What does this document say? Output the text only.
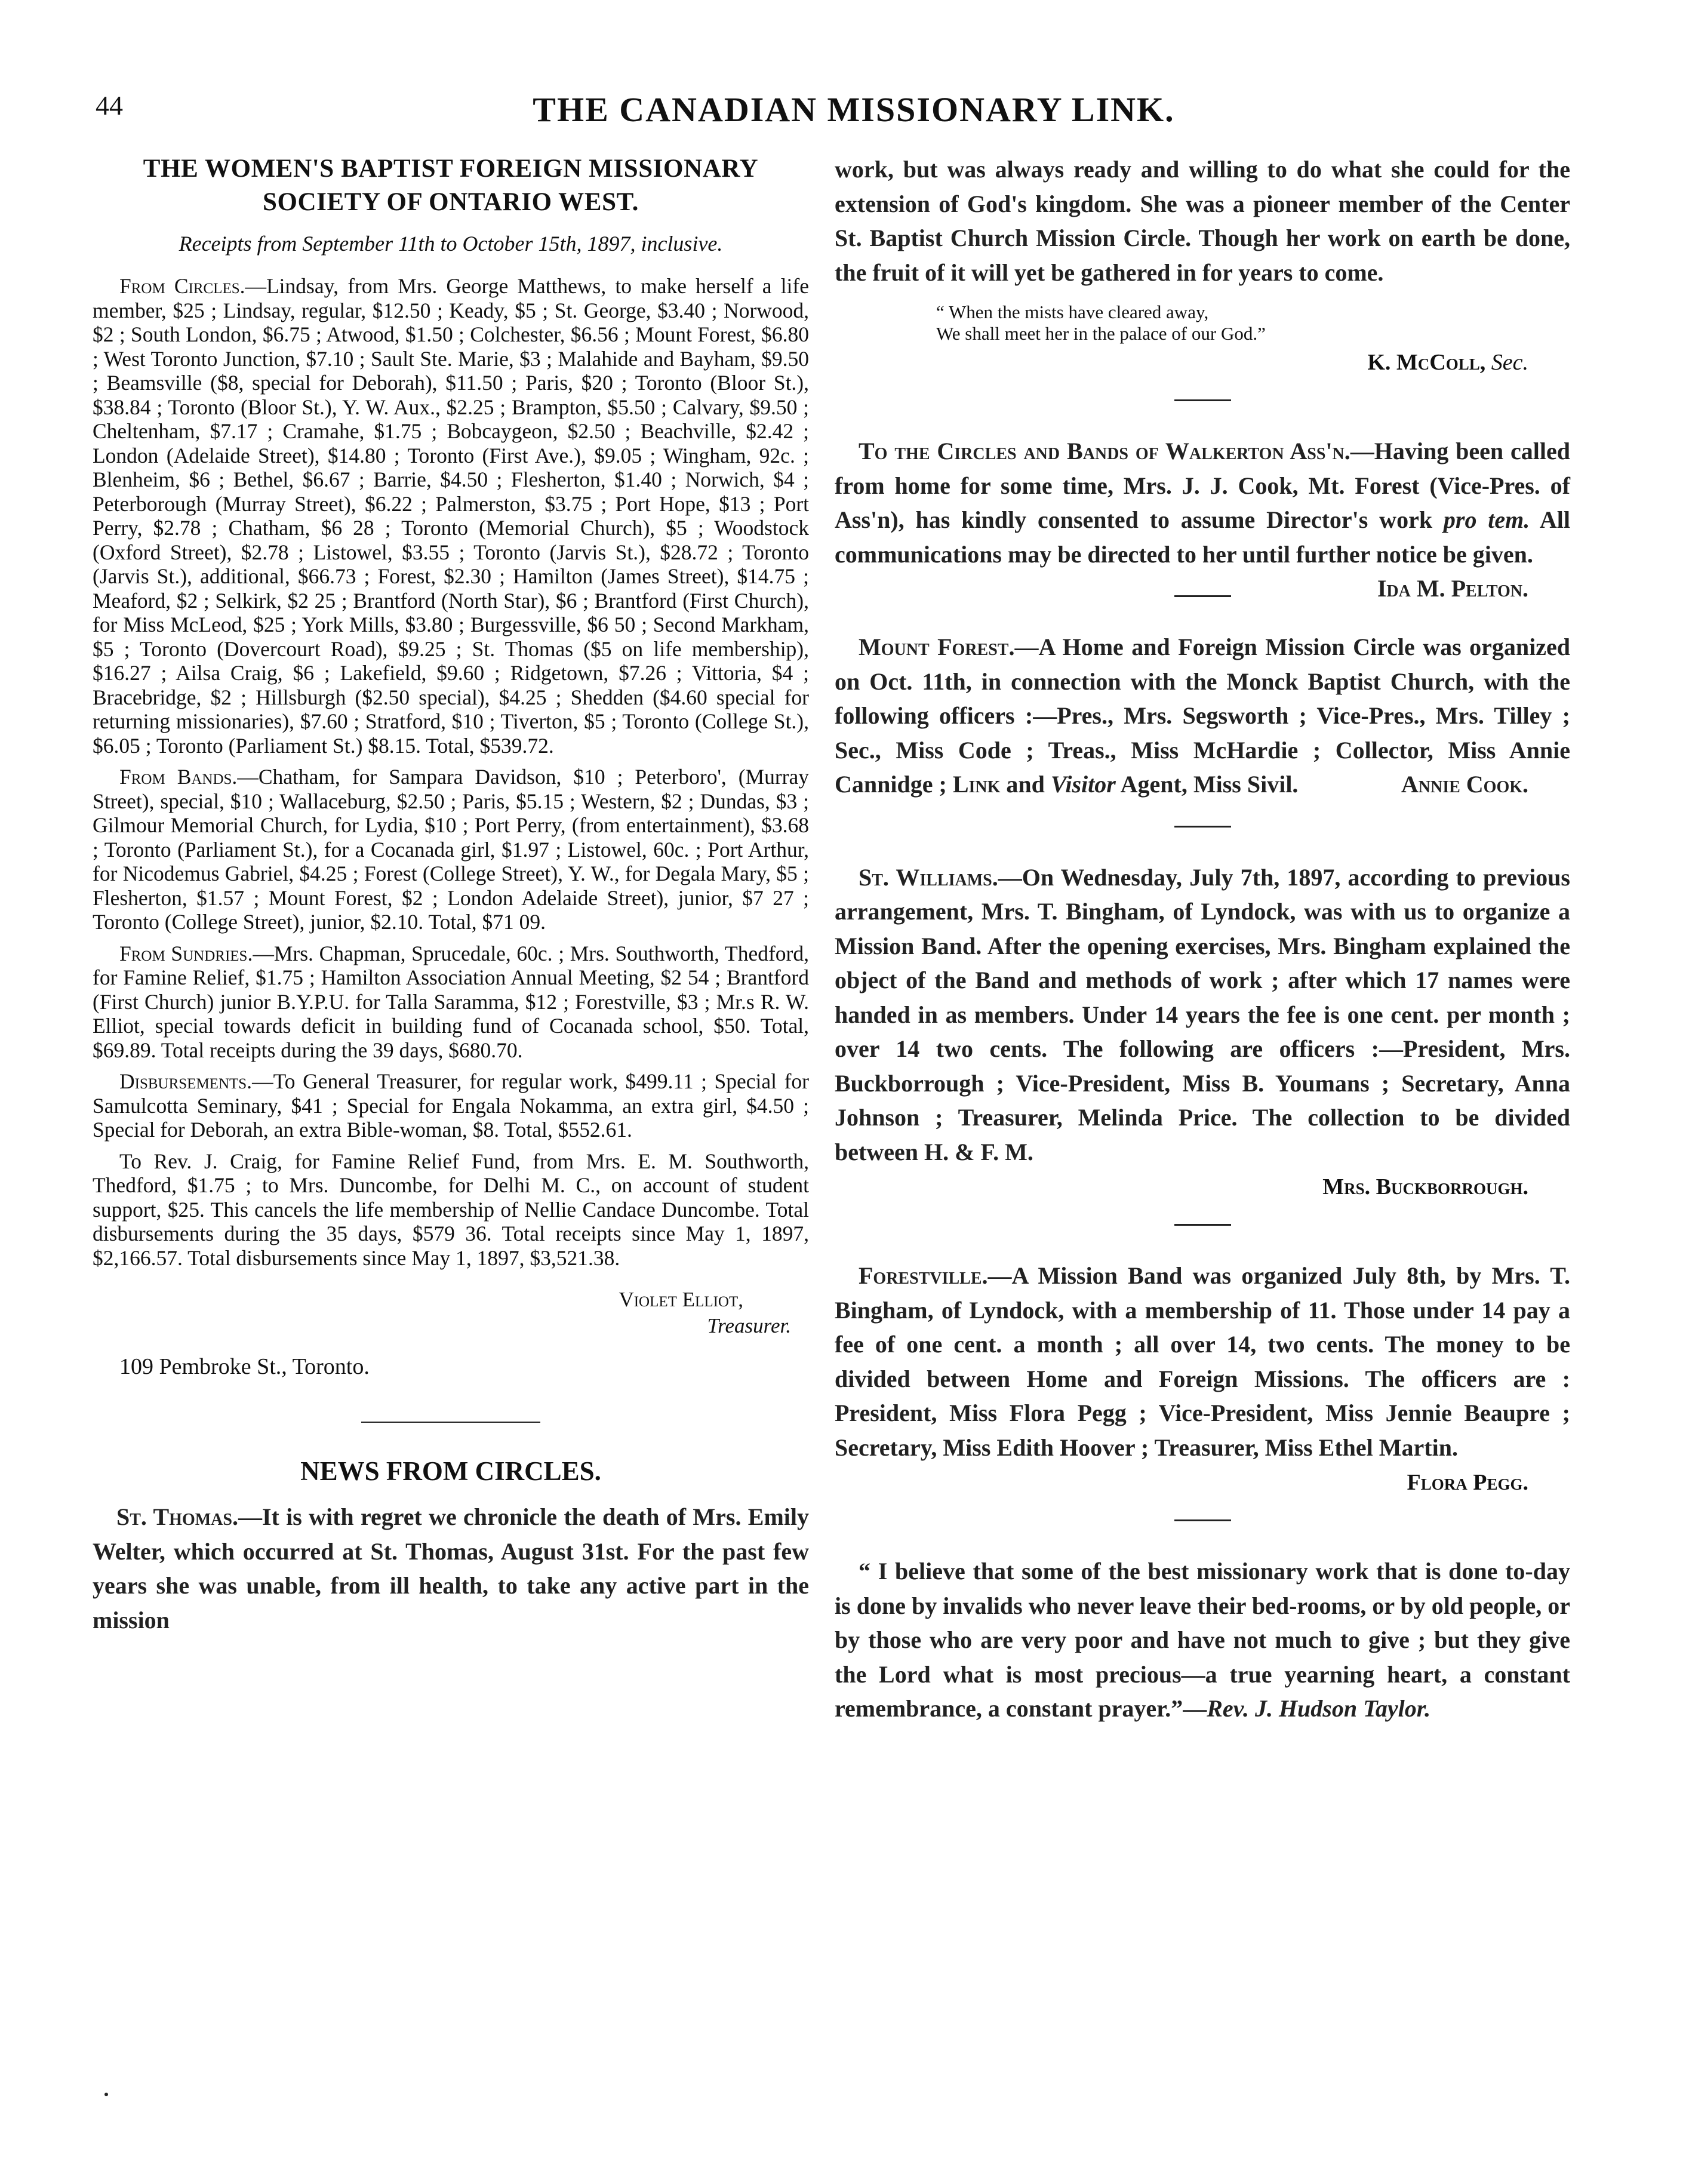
44	THE CANADIAN MISSIONARY LINK.

THE WOMEN'S BAPTIST FOREIGN MISSIONARY

SOCIETY OF ONTARIO WEST.

Receipts from September 11th to October 15th, 1897, inclusive.

From Circles.—Lindsay, from Mrs. George Matthews, to make herself a life member, $25 ; Lindsay, regular, $12.50 ; Keady, $5 ; St. George, $3.40 ; Norwood, $2 ; South London, $6.75 ; Atwood, $1.50 ; Colchester, $6.56 ; Mount Forest, $6.80 ; West Toronto Junction, $7.10 ; Sault Ste. Marie, $3 ; Malahide and Bayham, $9.50 ; Beamsville ($8, special for Deborah), $11.50 ; Paris, $20 ; Toronto (Bloor St.), $38.84 ; Toronto (Bloor St.), Y. W. Aux., $2.25 ; Brampton, $5.50 ; Calvary, $9.50 ; Cheltenham, $7.17 ; Cramahe, $1.75 ; Bobcaygeon, $2.50 ; Beachville, $2.42 ; London (Adelaide Street), $14.80 ; Toronto (First Ave.), $9.05 ; Wingham, 92c. ; Blenheim, $6 ; Bethel, $6.67 ; Barrie, $4.50 ; Flesherton, $1.40 ; Norwich, $4 ; Peterborough (Murray Street), $6.22 ; Palmerston, $3.75 ; Port Hope, $13 ; Port Perry, $2.78 ; Chatham, $6 28 ; Toronto (Memorial Church), $5 ; Woodstock (Oxford Street), $2.78 ; Listowel, $3.55 ; Toronto (Jarvis St.), $28.72 ; Toronto (Jarvis St.), additional, $66.73 ; Forest, $2.30 ; Hamilton (James Street), $14.75 ; Meaford, $2 ; Selkirk, $2 25 ; Brantford (North Star), $6 ; Brantford (First Church), for Miss McLeod, $25 ; York Mills, $3.80 ; Burgessville, $6 50 ; Second Markham, $5 ; Toronto (Dovercourt Road), $9.25 ; St. Thomas ($5 on life membership), $16.27 ; Ailsa Craig, $6 ; Lakefield, $9.60 ; Ridgetown, $7.26 ; Vittoria, $4 ; Bracebridge, $2 ; Hillsburgh ($2.50 special), $4.25 ; Shedden ($4.60 special for returning missionaries), $7.60 ; Stratford, $10 ; Tiverton, $5 ; Toronto (College St.), $6.05 ; Toronto (Parliament St.) $8.15. Total, $539.72.

From Bands.—Chatham, for Sampara Davidson, $10 ; Peterboro', (Murray Street), special, $10 ; Wallaceburg, $2.50 ; Paris, $5.15 ; Western, $2 ; Dundas, $3 ; Gilmour Memorial Church, for Lydia, $10 ; Port Perry, (from entertainment), $3.68 ; Toronto (Parliament St.), for a Cocanada girl, $1.97 ; Listowel, 60c. ; Port Arthur, for Nicodemus Gabriel, $4.25 ; Forest (College Street), Y. W., for Degala Mary, $5 ; Flesherton, $1.57 ; Mount Forest, $2 ; London Adelaide Street), junior, $7 27 ; Toronto (College Street), junior, $2.10. Total, $71 09.

From Sundries.—Mrs. Chapman, Sprucedale, 60c. ; Mrs. Southworth, Thedford, for Famine Relief, $1.75 ; Hamilton Association Annual Meeting, $2 54 ; Brantford (First Church) junior B.Y.P.U. for Talla Saramma, $12 ; Forestville, $3 ; Mr.s R. W. Elliot, special towards deficit in building fund of Cocanada school, $50. Total, $69.89. Total receipts during the 39 days, $680.70.

Disbursements.—To General Treasurer, for regular work, $499.11 ; Special for Samulcotta Seminary, $41 ; Special for Engala Nokamma, an extra girl, $4.50 ; Special for Deborah, an extra Bible-woman, $8. Total, $552.61.

To Rev. J. Craig, for Famine Relief Fund, from Mrs. E. M. Southworth, Thedford, $1.75 ; to Mrs. Duncombe, for Delhi M. C., on account of student support, $25. This cancels the life membership of Nellie Candace Duncombe. Total disbursements during the 35 days, $579 36. Total receipts since May 1, 1897, $2,166.57. Total disbursements since May 1, 1897, $3,521.38.

Violet Elliot,
Treasurer.
109 Pembroke St., Toronto.

NEWS FROM CIRCLES.

St. Thomas.—It is with regret we chronicle the death of Mrs. Emily Welter, which occurred at St. Thomas, August 31st. For the past few years she was unable, from ill health, to take any active part in the mission

work, but was always ready and willing to do what she could for the extension of God's kingdom. She was a pioneer member of the Center St. Baptist Church Mission Circle. Though her work on earth be done, the fruit of it will yet be gathered in for years to come.

“ When the mists have cleared away,
We shall meet her in the palace of our God.”
K. McColl, Sec.

To the Circles and Bands of Walkerton Ass'n.—Having been called from home for some time, Mrs. J. J. Cook, Mt. Forest (Vice-Pres. of Ass'n), has kindly consented to assume Director's work pro tem. All communications may be directed to her until further notice be given.
Ida M. Pelton.

Mount Forest.—A Home and Foreign Mission Circle was organized on Oct. 11th, in connection with the Monck Baptist Church, with the following officers :—Pres., Mrs. Segsworth ; Vice-Pres., Mrs. Tilley ; Sec., Miss Code ; Treas., Miss McHardie ; Collector, Miss Annie Cannidge ; Link and Visitor Agent, Miss Sivil.	Annie Cook.

St. Williams.—On Wednesday, July 7th, 1897, according to previous arrangement, Mrs. T. Bingham, of Lyndock, was with us to organize a Mission Band. After the opening exercises, Mrs. Bingham explained the object of the Band and methods of work ; after which 17 names were handed in as members. Under 14 years the fee is one cent. per month ; over 14 two cents. The following are officers :—President, Mrs. Buckborrough ; Vice-President, Miss B. Youmans ; Secretary, Anna Johnson ; Treasurer, Melinda Price. The collection to be divided between H. & F. M.

Mrs. Buckborrough.

Forestville.—A Mission Band was organized July 8th, by Mrs. T. Bingham, of Lyndock, with a membership of 11. Those under 14 pay a fee of one cent. a month ; all over 14, two cents. The money to be divided between Home and Foreign Missions. The officers are : President, Miss Flora Pegg ; Vice-President, Miss Jennie Beaupre ; Secretary, Miss Edith Hoover ; Treasurer, Miss Ethel Martin.

Flora Pegg.

“ I believe that some of the best missionary work that is done to-day is done by invalids who never leave their bed-rooms, or by old people, or by those who are very poor and have not much to give ; but they give the Lord what is most precious—a true yearning heart, a constant remembrance, a constant prayer.”—Rev. J. Hudson Taylor.
